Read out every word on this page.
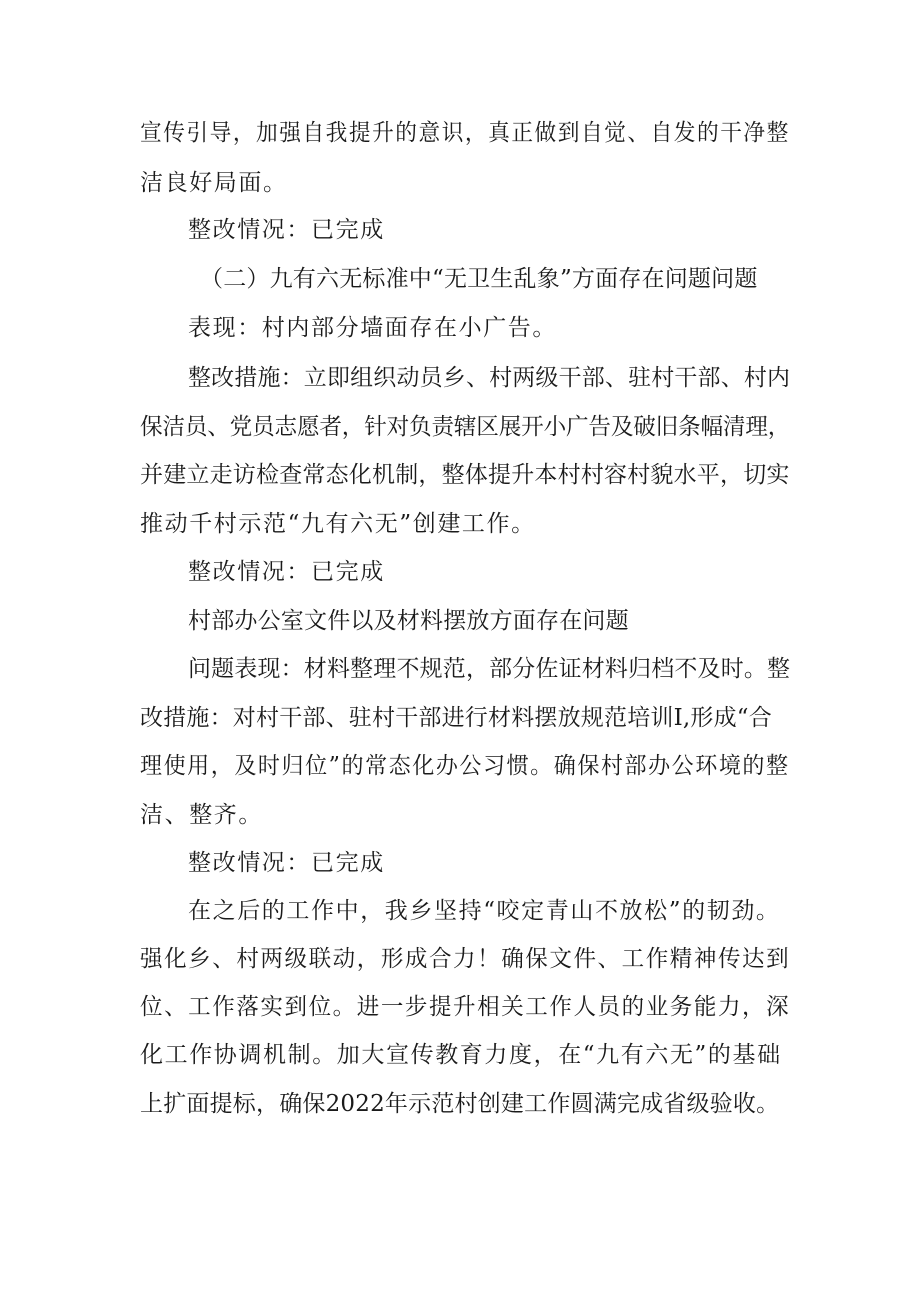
宣传引导，加强自我提升的意识，真正做到自觉、自发的干净整
洁良好局面。
整改情况：已完成
（二）九有六无标准中“无卫生乱象”方面存在问题问题
表现：村内部分墙面存在小广告。
整改措施：立即组织动员乡、村两级干部、驻村干部、村内
保洁员、党员志愿者，针对负责辖区展开小广告及破旧条幅清理，
并建立走访检查常态化机制，整体提升本村村容村貌水平，切实
推动千村示范“九有六无”创建工作。
整改情况：已完成
村部办公室文件以及材料摆放方面存在问题
问题表现：材料整理不规范，部分佐证材料归档不及时。整
改措施：对村干部、驻村干部进行材料摆放规范培训I,形成“合
理使用，及时归位”的常态化办公习惯。确保村部办公环境的整
洁、整齐。
整改情况：已完成
在之后的工作中，我乡坚持“咬定青山不放松”的韧劲。
强化乡、村两级联动，形成合力！确保文件、工作精神传达到
位、工作落实到位。进一步提升相关工作人员的业务能力，深
化工作协调机制。加大宣传教育力度，在“九有六无”的基础
上扩面提标，确保2022年示范村创建工作圆满完成省级验收。
